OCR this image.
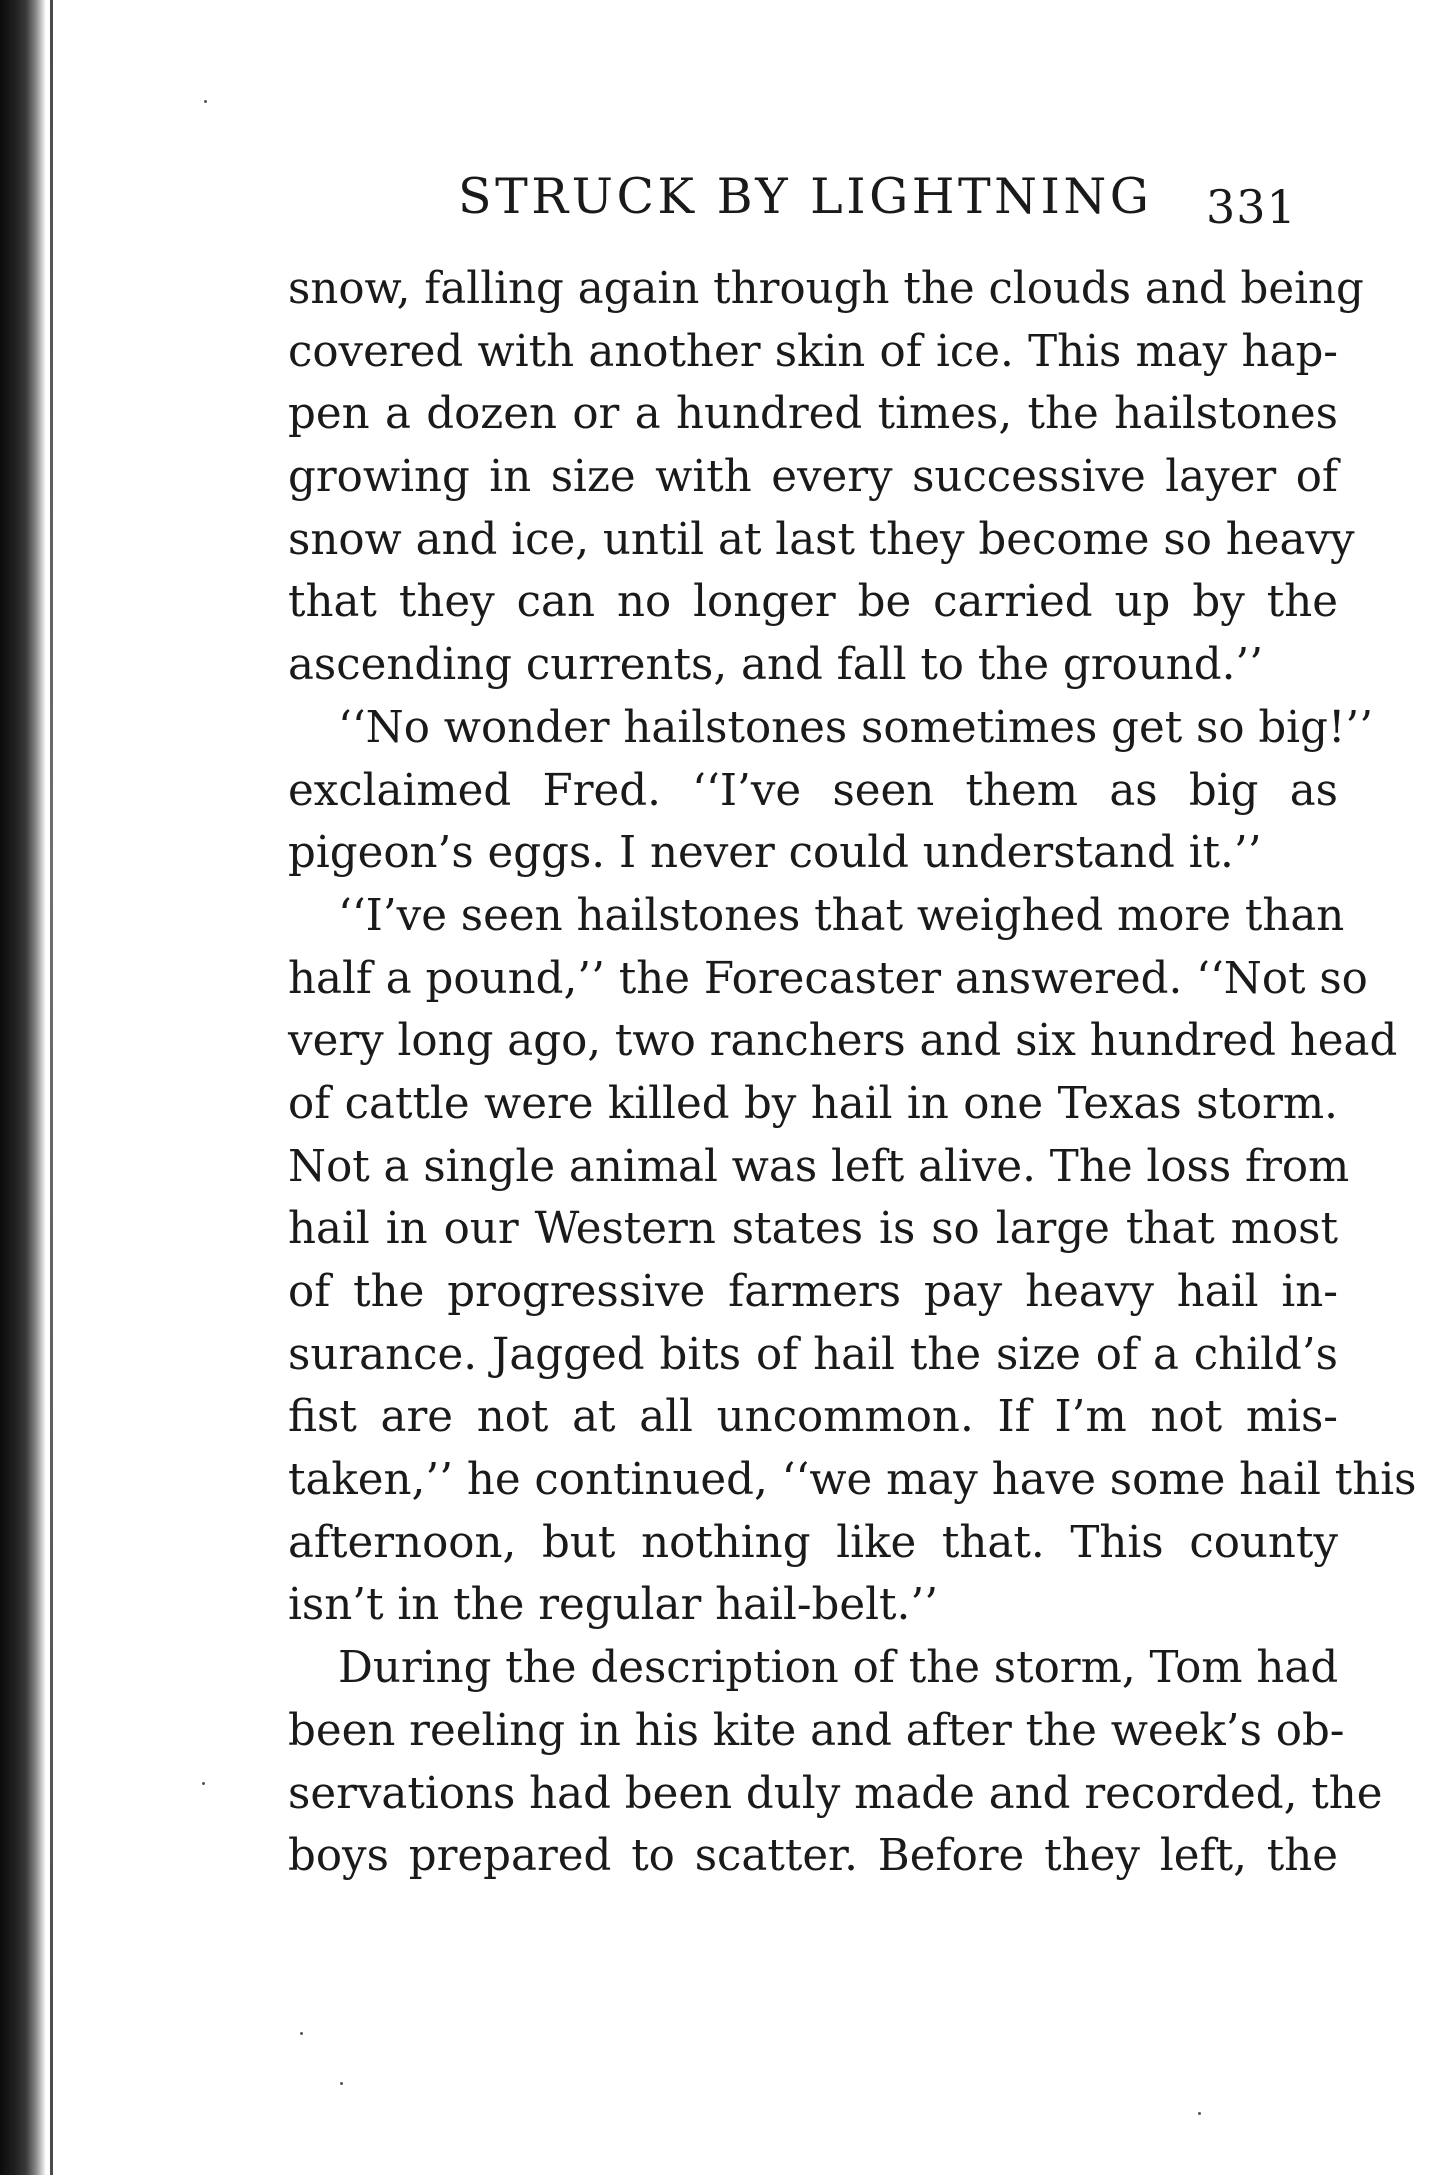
STRUCK BY LIGHTNING 331
snow, falling again through the clouds and being
covered with another skin of ice. This may hap-
pen a dozen or a hundred times, the hailstones
growing in size with every successive layer of
snow and ice, until at last they become so heavy
that they can no longer be carried up by the
ascending currents, and fall to the ground.’’
‘‘No wonder hailstones sometimes get so big!’’
exclaimed Fred. ‘‘I’ve seen them as big as
pigeon’s eggs. I never could understand it.’’
‘‘I’ve seen hailstones that weighed more than
half a pound,’’ the Forecaster answered. ‘‘Not so
very long ago, two ranchers and six hundred head
of cattle were killed by hail in one Texas storm.
Not a single animal was left alive. The loss from
hail in our Western states is so large that most
of the progressive farmers pay heavy hail in-
surance. Jagged bits of hail the size of a child’s
fist are not at all uncommon. If I’m not mis-
taken,’’ he continued, ‘‘we may have some hail this
afternoon, but nothing like that. This county
isn’t in the regular hail-belt.’’
During the description of the storm, Tom had
been reeling in his kite and after the week’s ob-
servations had been duly made and recorded, the
boys prepared to scatter. Before they left, the
